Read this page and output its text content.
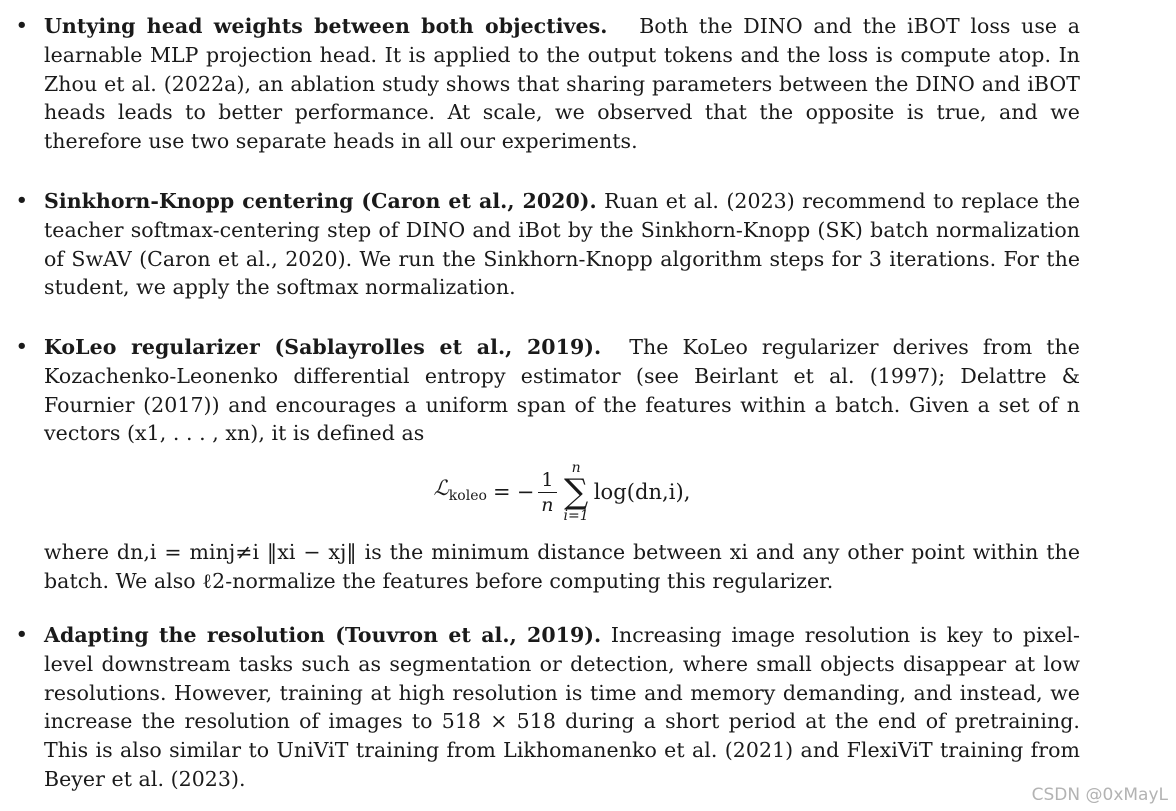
• Untying head weights between both objectives. Both the DINO and the iBOT loss use a learnable MLP projection head. It is applied to the output tokens and the loss is compute atop. In Zhou et al. (2022a), an ablation study shows that sharing parameters between the DINO and iBOT heads leads to better performance. At scale, we observed that the opposite is true, and we therefore use two separate heads in all our experiments.

• Sinkhorn-Knopp centering (Caron et al., 2020). Ruan et al. (2023) recommend to replace the teacher softmax-centering step of DINO and iBot by the Sinkhorn-Knopp (SK) batch normalization of SwAV (Caron et al., 2020). We run the Sinkhorn-Knopp algorithm steps for 3 iterations. For the student, we apply the softmax normalization.

• KoLeo regularizer (Sablayrolles et al., 2019). The KoLeo regularizer derives from the Kozachenko-Leonenko differential entropy estimator (see Beirlant et al. (1997); Delattre & Fournier (2017)) and encourages a uniform span of the features within a batch. Given a set of n vectors (x1, . . . , xn), it is defined as

ℒ$_{koleo}$ = − $\frac{1}{n}$ n
∑
i=1
log(dn,i),

where dn,i = minj≠i ‖xi − xj‖ is the minimum distance between xi and any other point within the batch. We also ℓ2-normalize the features before computing this regularizer.

• Adapting the resolution (Touvron et al., 2019). Increasing image resolution is key to pixel-level downstream tasks such as segmentation or detection, where small objects disappear at low resolutions. However, training at high resolution is time and memory demanding, and instead, we increase the resolution of images to 518 × 518 during a short period at the end of pretraining. This is also similar to UniViT training from Likhomanenko et al. (2021) and FlexiViT training from Beyer et al. (2023).

CSDN @0xMayL
